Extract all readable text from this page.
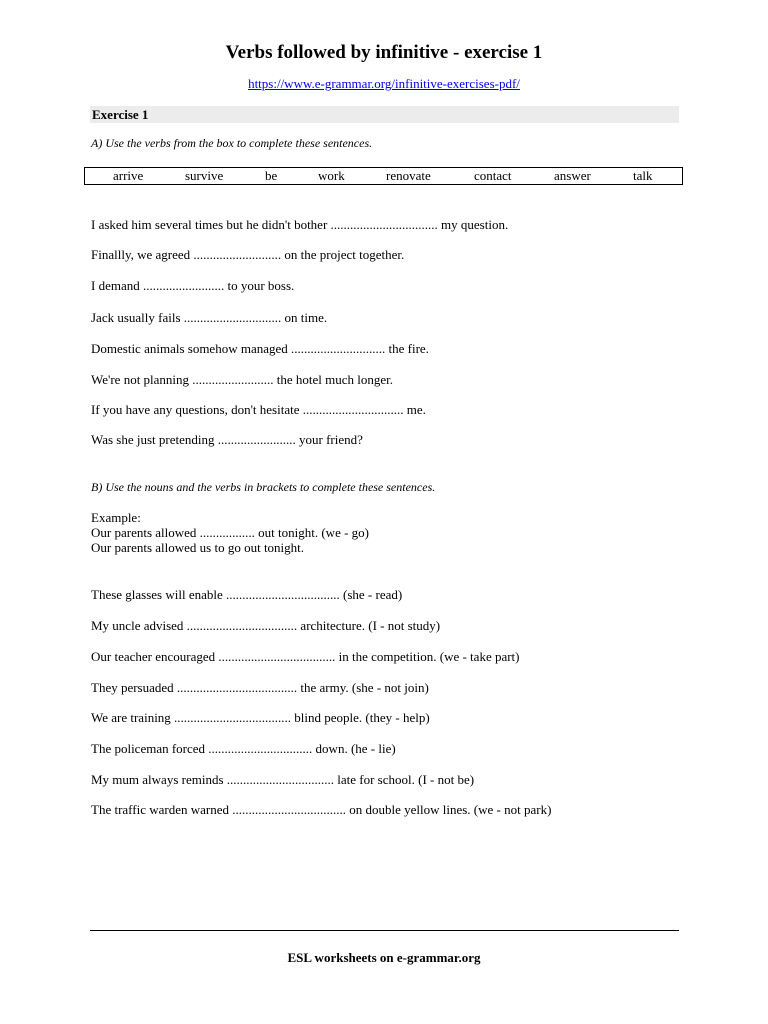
Verbs followed by infinitive - exercise 1
https://www.e-grammar.org/infinitive-exercises-pdf/
Exercise 1
A) Use the verbs from the box to complete these sentences.
arrive	survive	be	work	renovate	contact	answer	talk
I asked him several times but he didn't bother ................................. my question.
Finallly, we agreed ........................... on the project together.
I demand ......................... to your boss.
Jack usually fails .............................. on time.
Domestic animals somehow managed ............................. the fire.
We're not planning ......................... the hotel much longer.
If you have any questions, don't hesitate ............................... me.
Was she just pretending ........................ your friend?
B) Use the nouns and the verbs in brackets to complete these sentences.
Example:
Our parents allowed ................. out tonight. (we - go)
Our parents allowed us to go out tonight.
These glasses will enable ................................... (she - read)
My uncle advised .................................. architecture. (I - not study)
Our teacher encouraged .................................... in the competition. (we - take part)
They persuaded ..................................... the army. (she - not join)
We are training .................................... blind people. (they - help)
The policeman forced ................................ down. (he - lie)
My mum always reminds ................................. late for school. (I - not be)
The traffic warden warned ................................... on double yellow lines. (we - not park)
ESL worksheets on e-grammar.org
